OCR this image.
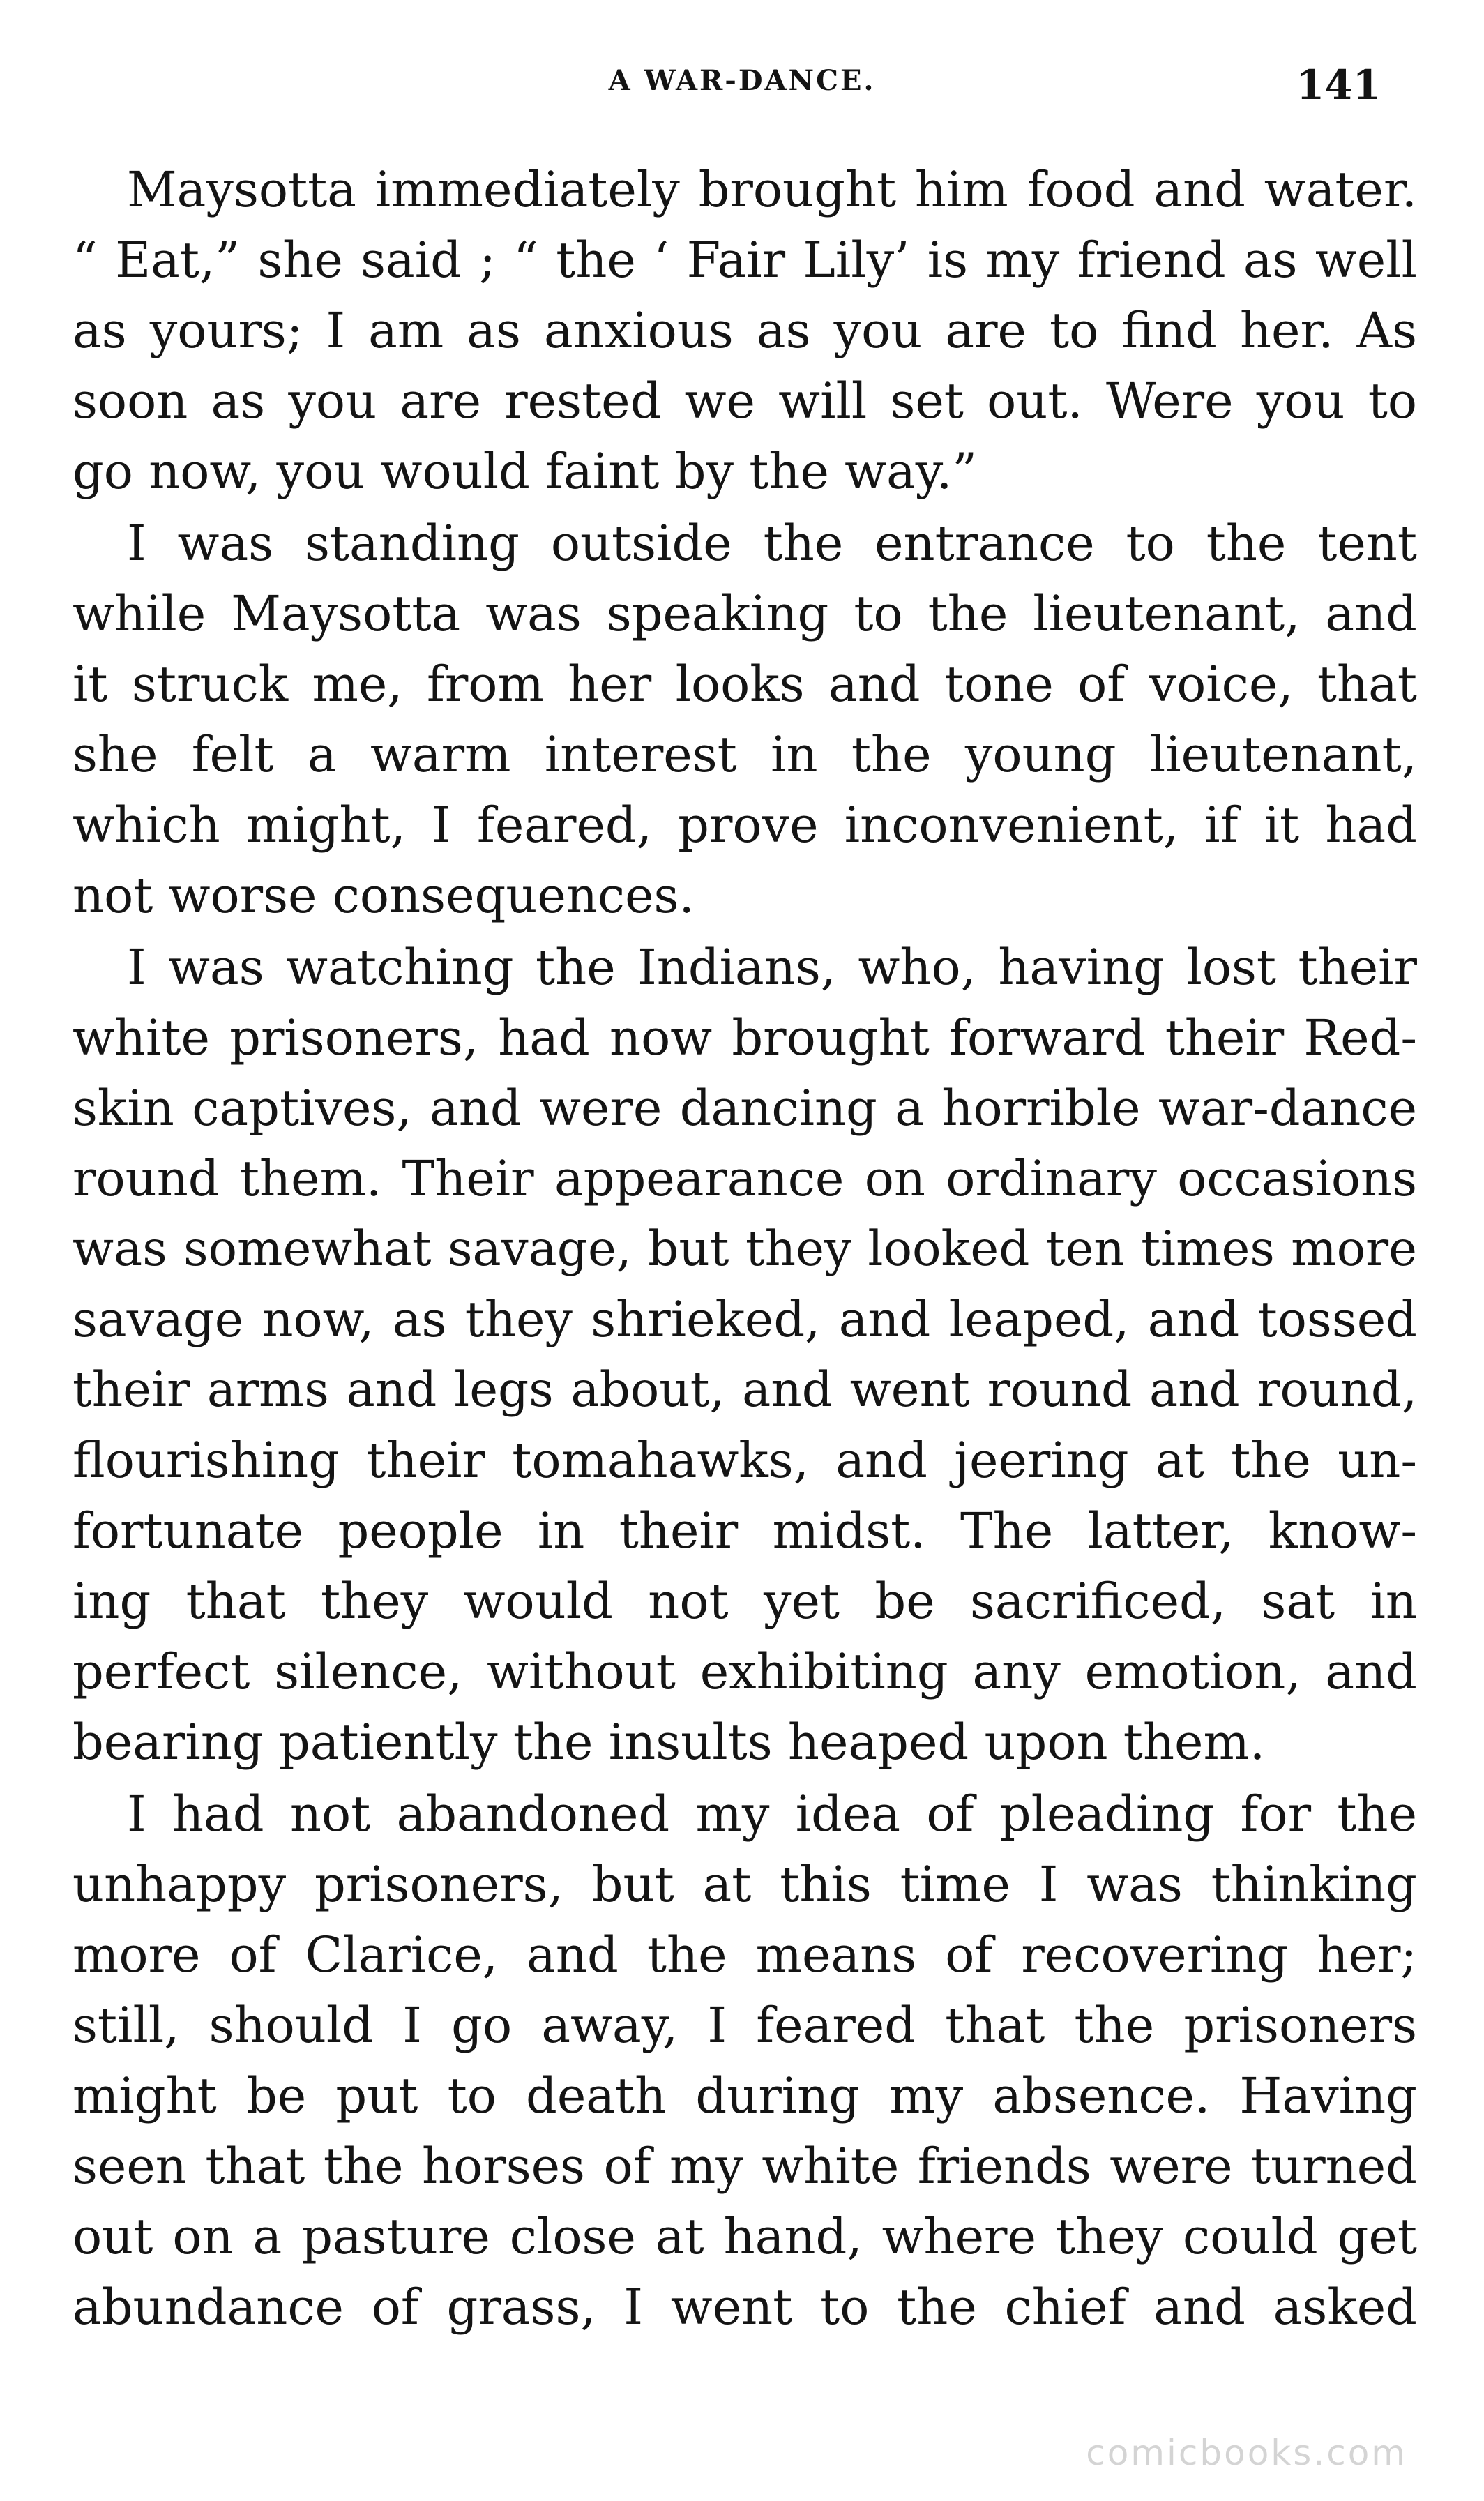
A WAR-DANCE.	141
Maysotta immediately brought him food and water.
“ Eat,” she said ; “ the ‘ Fair Lily’ is my friend as well
as yours; I am as anxious as you are to find her. As
soon as you are rested we will set out. Were you to
go now, you would faint by the way.”
I was standing outside the entrance to the tent
while Maysotta was speaking to the lieutenant, and
it struck me, from her looks and tone of voice, that
she felt a warm interest in the young lieutenant,
which might, I feared, prove inconvenient, if it had
not worse consequences.
I was watching the Indians, who, having lost their
white prisoners, had now brought forward their Red-
skin captives, and were dancing a horrible war-dance
round them. Their appearance on ordinary occasions
was somewhat savage, but they looked ten times more
savage now, as they shrieked, and leaped, and tossed
their arms and legs about, and went round and round,
flourishing their tomahawks, and jeering at the un-
fortunate people in their midst. The latter, know-
ing that they would not yet be sacrificed, sat in
perfect silence, without exhibiting any emotion, and
bearing patiently the insults heaped upon them.
I had not abandoned my idea of pleading for the
unhappy prisoners, but at this time I was thinking
more of Clarice, and the means of recovering her;
still, should I go away, I feared that the prisoners
might be put to death during my absence. Having
seen that the horses of my white friends were turned
out on a pasture close at hand, where they could get
abundance of grass, I went to the chief and asked
comicbooks.com
